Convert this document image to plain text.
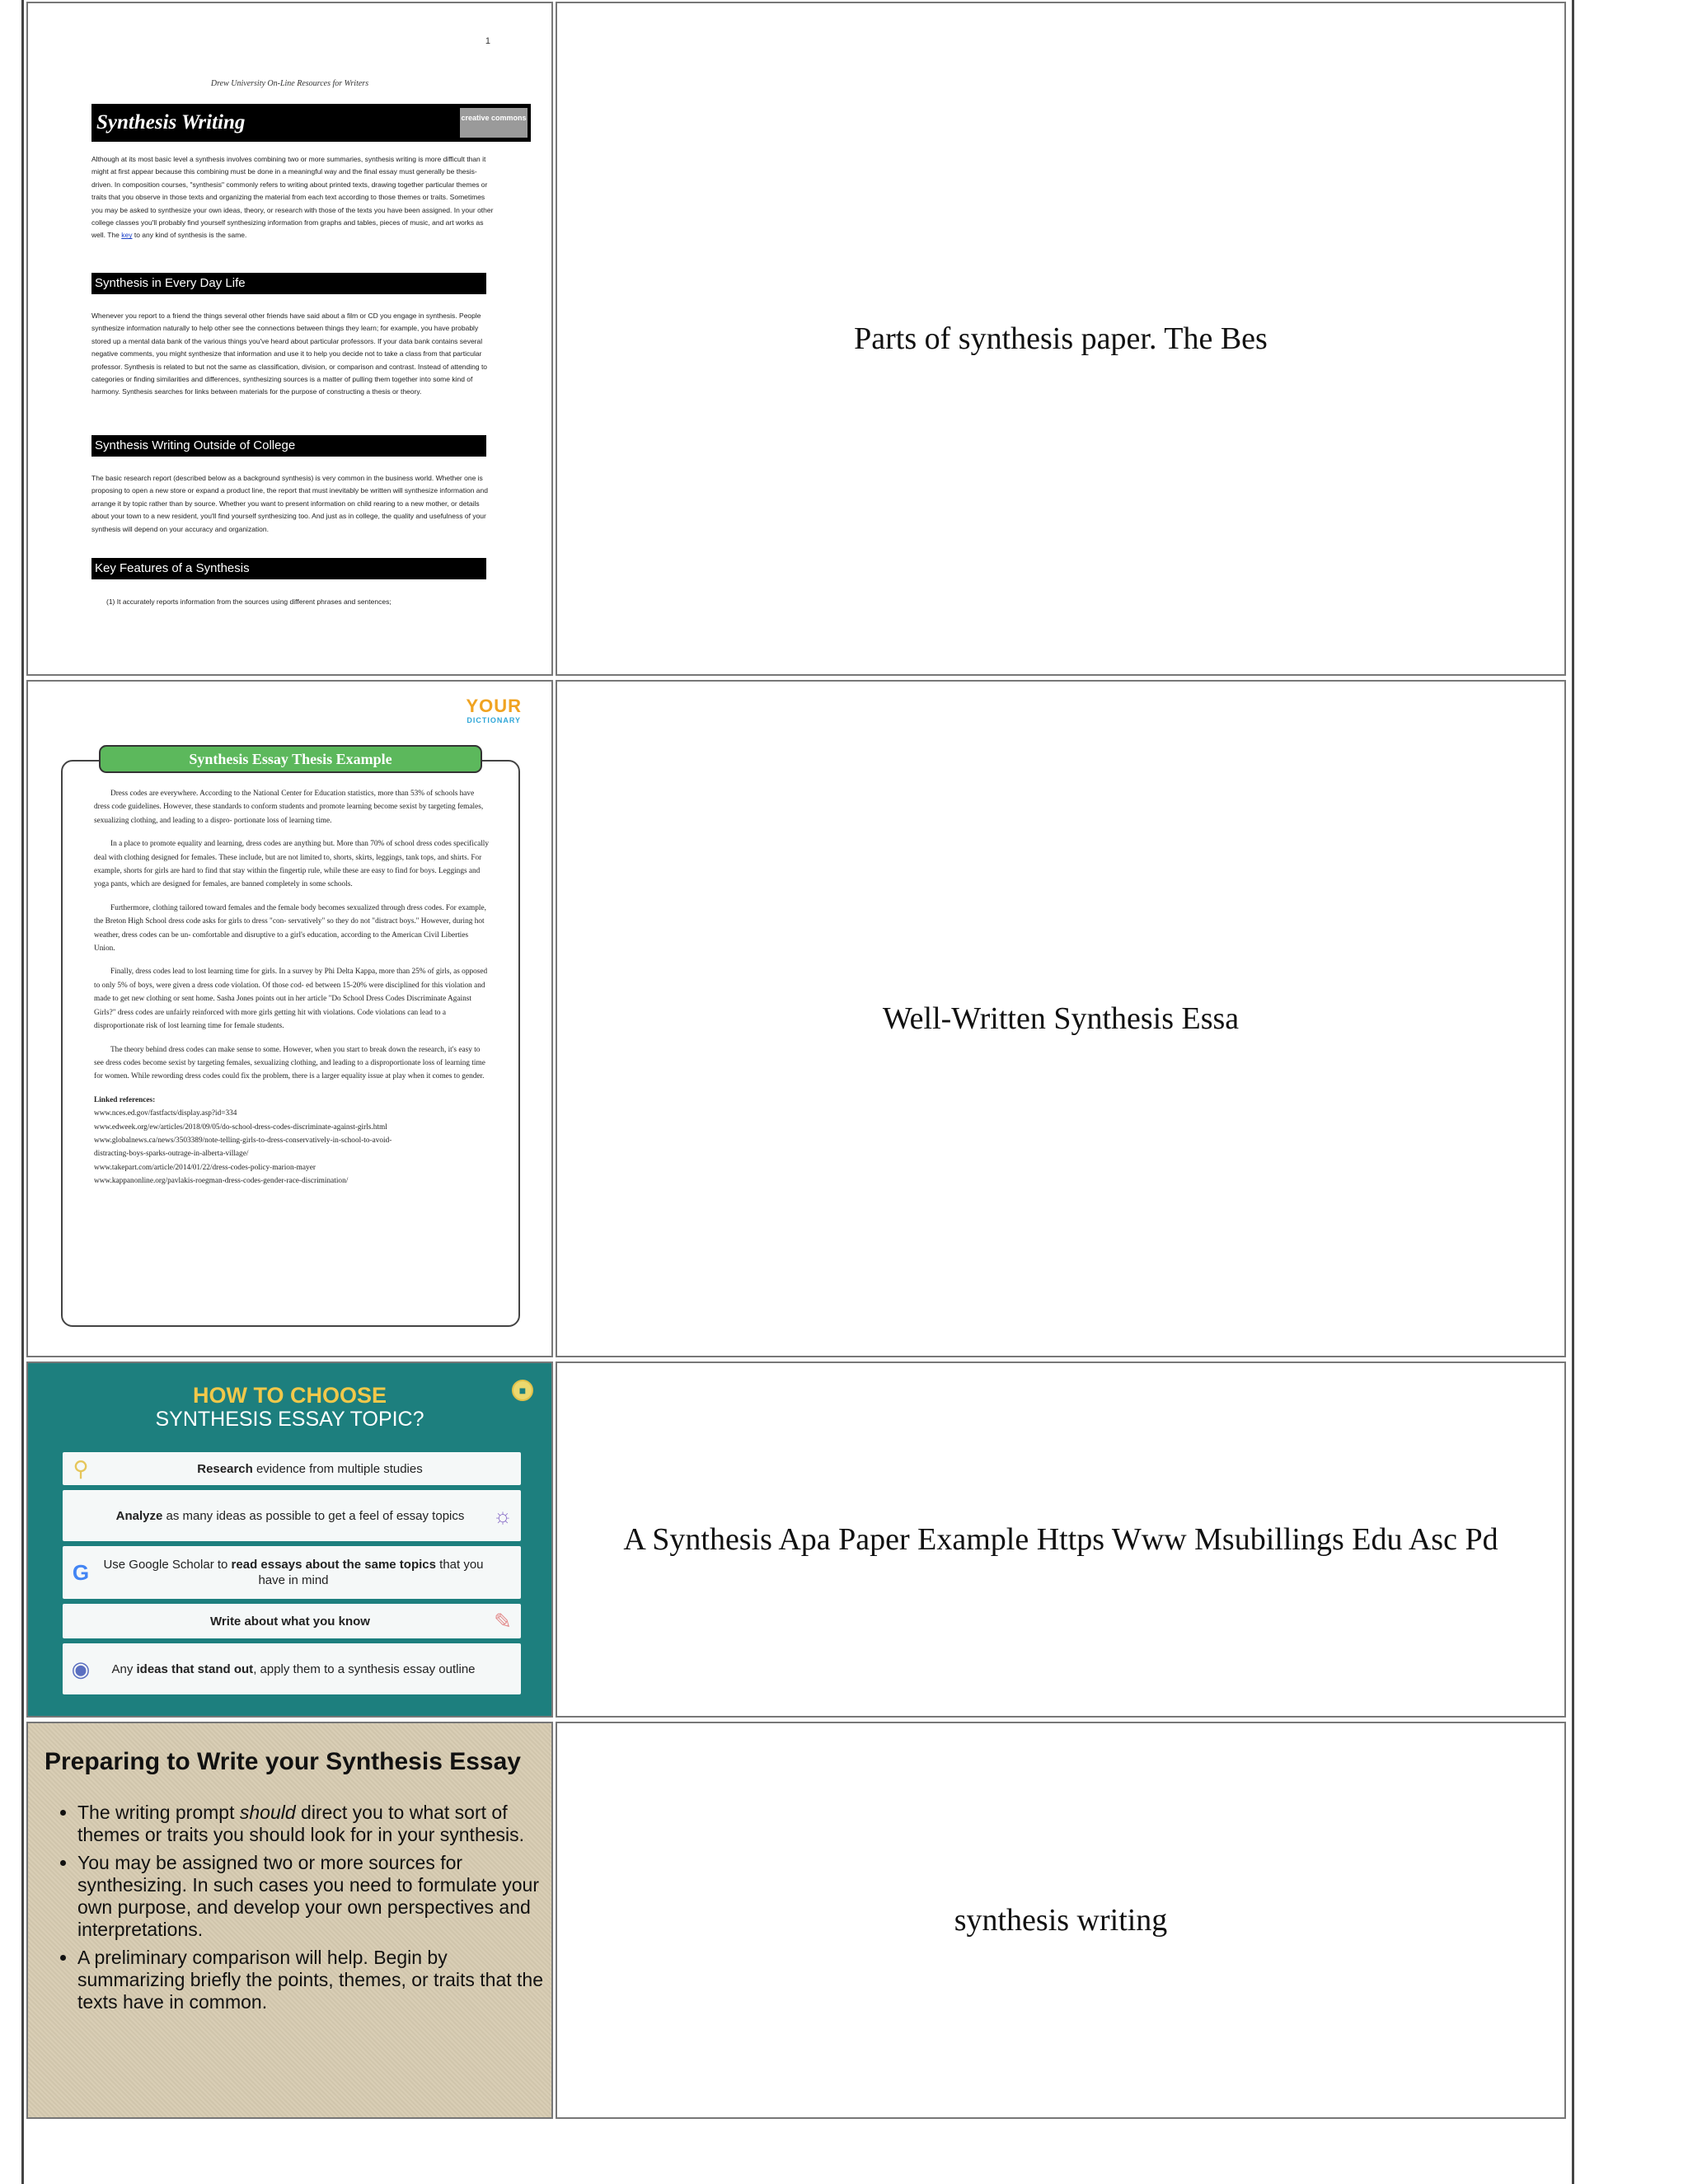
1
Drew University On-Line Resources for Writers
Synthesis Writing	creative commons
Although at its most basic level a synthesis involves combining two or more summaries, synthesis writing is more difficult than it might at first appear because this combining must be done in a meaningful way and the final essay must generally be thesis-driven. In composition courses, "synthesis" commonly refers to writing about printed texts, drawing together particular themes or traits that you observe in those texts and organizing the material from each text according to those themes or traits. Sometimes you may be asked to synthesize your own ideas, theory, or research with those of the texts you have been assigned. In your other college classes you'll probably find yourself synthesizing information from graphs and tables, pieces of music, and art works as well. The key to any kind of synthesis is the same.
Synthesis in Every Day Life
Whenever you report to a friend the things several other friends have said about a film or CD you engage in synthesis. People synthesize information naturally to help other see the connections between things they learn; for example, you have probably stored up a mental data bank of the various things you've heard about particular professors. If your data bank contains several negative comments, you might synthesize that information and use it to help you decide not to take a class from that particular professor. Synthesis is related to but not the same as classification, division, or comparison and contrast. Instead of attending to categories or finding similarities and differences, synthesizing sources is a matter of pulling them together into some kind of harmony. Synthesis searches for links between materials for the purpose of constructing a thesis or theory.
Synthesis Writing Outside of College
The basic research report (described below as a background synthesis) is very common in the business world. Whether one is proposing to open a new store or expand a product line, the report that must inevitably be written will synthesize information and arrange it by topic rather than by source. Whether you want to present information on child rearing to a new mother, or details about your town to a new resident, you'll find yourself synthesizing too. And just as in college, the quality and usefulness of your synthesis will depend on your accuracy and organization.
Key Features of a Synthesis
(1) It accurately reports information from the sources using different phrases and sentences;
Parts of synthesis paper. The Bes
YOUR
DICTIONARY
Synthesis Essay Thesis Example

Dress codes are everywhere. According to the National Center for Education statistics, more than 53% of schools have dress code guidelines. However, these standards to conform students and promote learning become sexist by targeting females, sexualizing clothing, and leading to a dispro- portionate loss of learning time.

In a place to promote equality and learning, dress codes are anything but. More than 70% of school dress codes specifically deal with clothing designed for females. These include, but are not limited to, shorts, skirts, leggings, tank tops, and shirts. For example, shorts for girls are hard to find that stay within the fingertip rule, while these are easy to find for boys. Leggings and yoga pants, which are designed for females, are banned completely in some schools.

Furthermore, clothing tailored toward females and the female body becomes sexualized through dress codes. For example, the Breton High School dress code asks for girls to dress "con- servatively" so they do not "distract boys." However, during hot weather, dress codes can be un- comfortable and disruptive to a girl's education, according to the American Civil Liberties Union.

Finally, dress codes lead to lost learning time for girls. In a survey by Phi Delta Kappa, more than 25% of girls, as opposed to only 5% of boys, were given a dress code violation. Of those cod- ed between 15-20% were disciplined for this violation and made to get new clothing or sent home. Sasha Jones points out in her article "Do School Dress Codes Discriminate Against Girls?" dress codes are unfairly reinforced with more girls getting hit with violations. Code violations can lead to a disproportionate risk of lost learning time for female students.

The theory behind dress codes can make sense to some. However, when you start to break down the research, it's easy to see dress codes become sexist by targeting females, sexualizing clothing, and leading to a disproportionate loss of learning time for women. While rewording dress codes could fix the problem, there is a larger equality issue at play when it comes to gender.

Linked references:
www.nces.ed.gov/fastfacts/display.asp?id=334
www.edweek.org/ew/articles/2018/09/05/do-school-dress-codes-discriminate-against-girls.html
www.globalnews.ca/news/3503389/note-telling-girls-to-dress-conservatively-in-school-to-avoid-
distracting-boys-sparks-outrage-in-alberta-village/
www.takepart.com/article/2014/01/22/dress-codes-policy-marion-mayer
www.kappanonline.org/pavlakis-roegman-dress-codes-gender-race-discrimination/
Well-Written Synthesis Essa
■
HOW TO CHOOSE
SYNTHESIS ESSAY TOPIC?
⚲	Research evidence from multiple studies
Analyze as many ideas as possible to get a feel of essay topics	☼
G	Use Google Scholar to read essays about the same topics that you have in mind
Write about what you know	✎
◉	Any ideas that stand out, apply them to a synthesis essay outline
A Synthesis Apa Paper Example Https Www Msubillings Edu Asc Pd
Preparing to Write your Synthesis Essay
• The writing prompt should direct you to what sort of themes or traits you should look for in your synthesis.
• You may be assigned two or more sources for synthesizing. In such cases you need to formulate your own purpose, and develop your own perspectives and interpretations.
• A preliminary comparison will help. Begin by summarizing briefly the points, themes, or traits that the texts have in common.
synthesis writing
